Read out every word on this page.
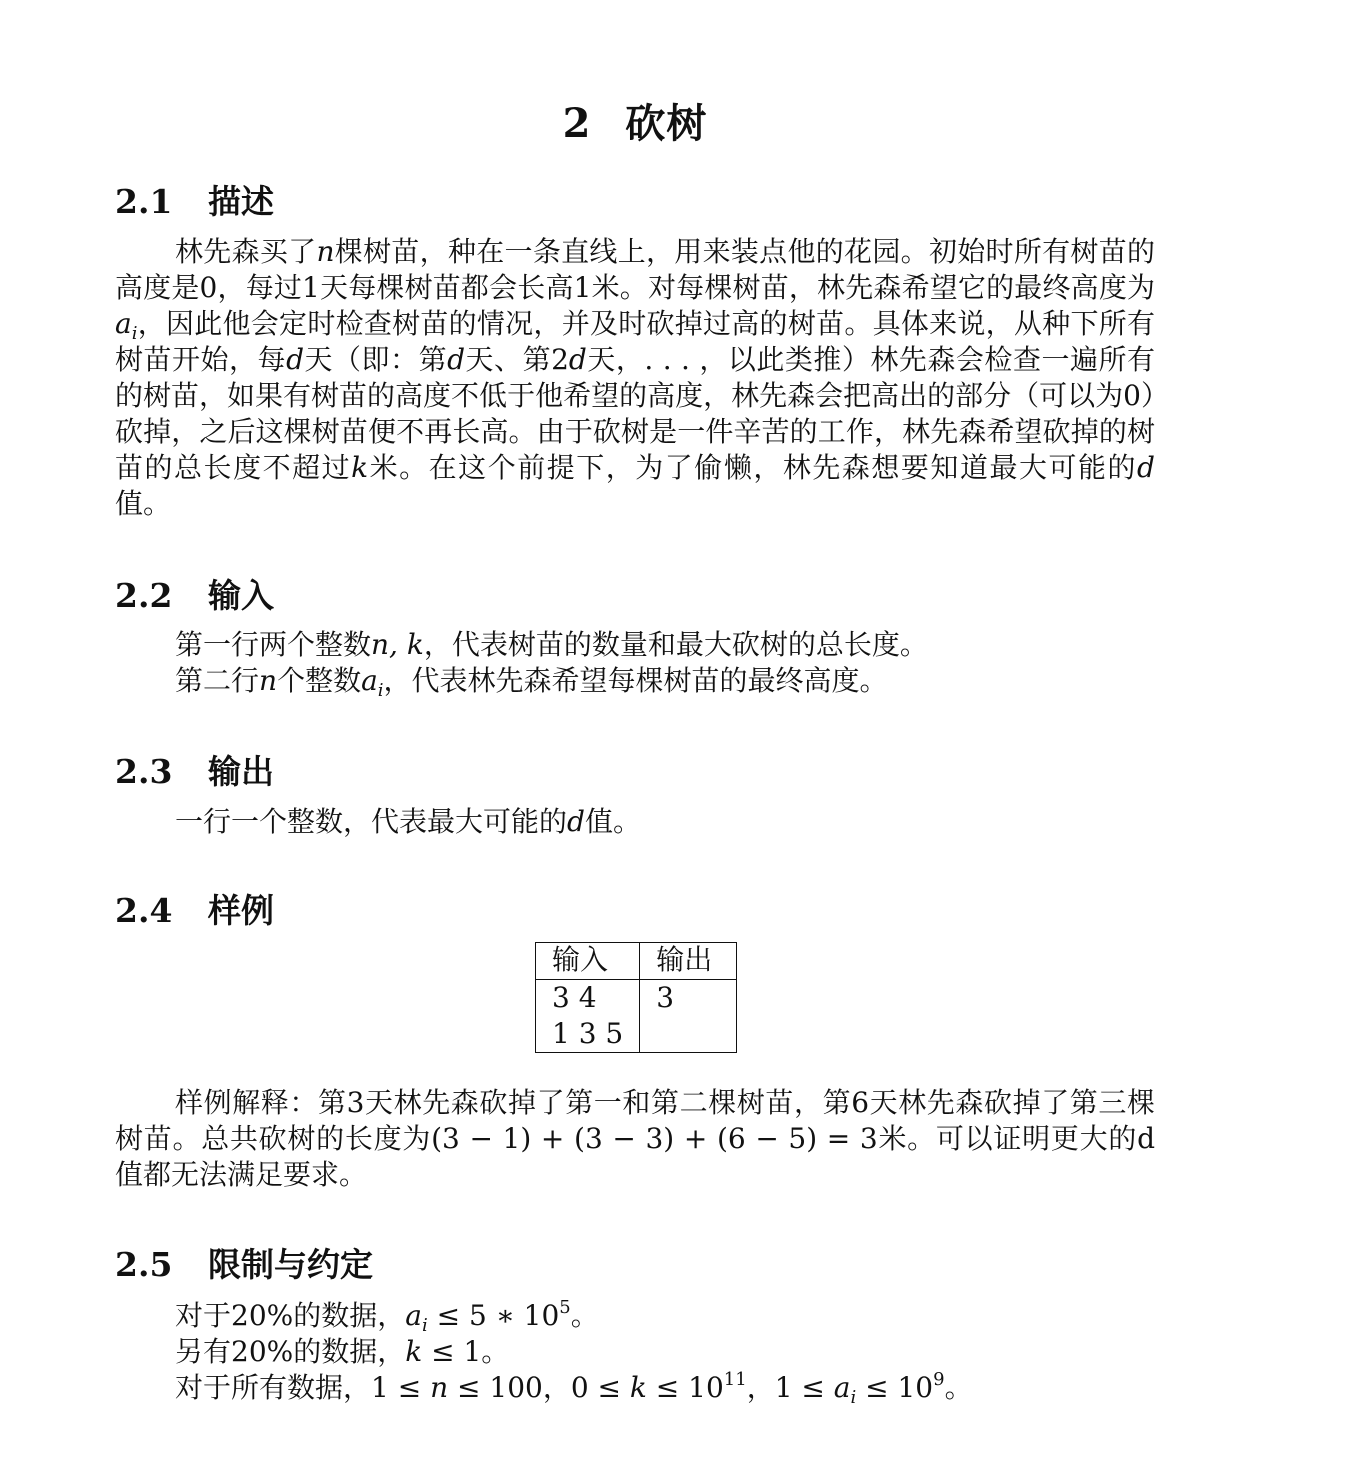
2 砍树
2.1 描述
林先森买了n棵树苗，种在一条直线上，用来装点他的花园。初始时所有树苗的高度是0，每过1天每棵树苗都会长高1米。对每棵树苗，林先森希望它的最终高度为$a_i$，因此他会定时检查树苗的情况，并及时砍掉过高的树苗。具体来说，从种下所有树苗开始，每d天（即：第d天、第2d天，. . . ，以此类推）林先森会检查一遍所有的树苗，如果有树苗的高度不低于他希望的高度，林先森会把高出的部分（可以为0）砍掉，之后这棵树苗便不再长高。由于砍树是一件辛苦的工作，林先森希望砍掉的树苗的总长度不超过k米。在这个前提下，为了偷懒，林先森想要知道最大可能的d值。
2.2 输入
第一行两个整数n, k，代表树苗的数量和最大砍树的总长度。
第二行n个整数$a_i$，代表林先森希望每棵树苗的最终高度。
2.3 输出
一行一个整数，代表最大可能的d值。
2.4 样例
输入	输出

3 4
1 3 5	3
样例解释：第3天林先森砍掉了第一和第二棵树苗，第6天林先森砍掉了第三棵树苗。总共砍树的长度为(3 − 1) + (3 − 3) + (6 − 5) = 3米。可以证明更大的d值都无法满足要求。
2.5 限制与约定
对于20%的数据，$a_i \le 5$ ∗ $10^5$。
另有20%的数据，k ≤ 1。
对于所有数据，1 ≤ n ≤ 100，$0 \le k \le 10^{11}$，$1 \le a_i \le 10^9$。
